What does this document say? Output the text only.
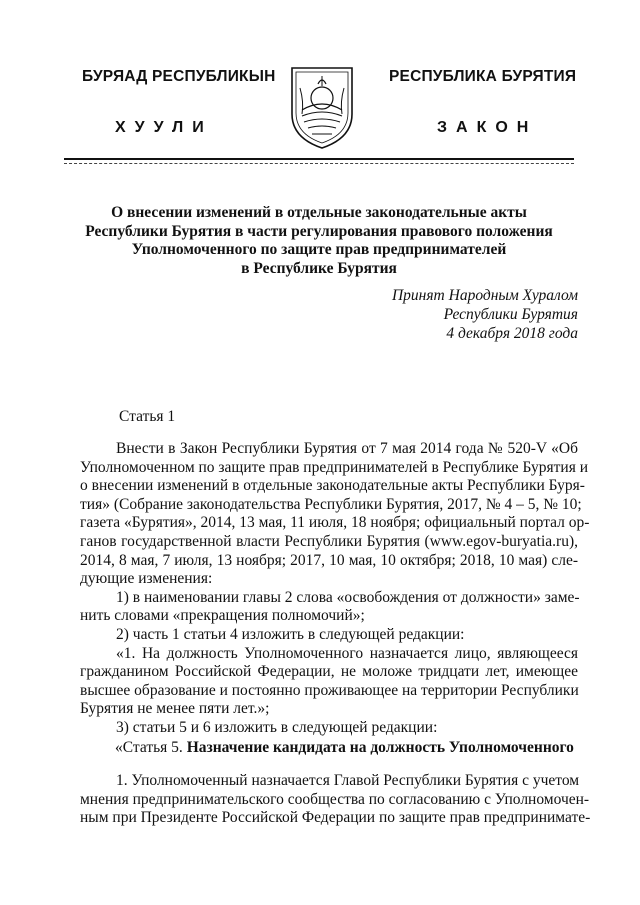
БУРЯАД РЕСПУБЛИКЫН	РЕСПУБЛИКА БУРЯТИЯ
ХУУЛИ	ЗАКОН
О внесении изменений в отдельные законодательные акты
Республики Бурятия в части регулирования правового положения
Уполномоченного по защите прав предпринимателей
в Республике Бурятия
Принят Народным Хуралом
Республики Бурятия
4 декабря 2018 года
Статья 1
Внести в Закон Республики Бурятия от 7 мая 2014 года № 520-V «Об
Уполномоченном по защите прав предпринимателей в Республике Бурятия и
о внесении изменений в отдельные законодательные акты Республики Буря-
тия» (Собрание законодательства Республики Бурятия, 2017, № 4 – 5, № 10;
газета «Бурятия», 2014, 13 мая, 11 июля, 18 ноября; официальный портал ор-
ганов государственной власти Республики Бурятия (www.egov-buryatia.ru),
2014, 8 мая, 7 июля, 13 ноября; 2017, 10 мая, 10 октября; 2018, 10 мая) сле-
дующие изменения:
1) в наименовании главы 2 слова «освобождения от должности» заме-
нить словами «прекращения полномочий»;
2) часть 1 статьи 4 изложить в следующей редакции:
«1. На должность Уполномоченного назначается лицо, являющееся
гражданином Российской Федерации, не моложе тридцати лет, имеющее
высшее образование и постоянно проживающее на территории Республики
Бурятия не менее пяти лет.»;
3) статьи 5 и 6 изложить в следующей редакции:
«Статья 5. Назначение кандидата на должность Уполномоченного
1. Уполномоченный назначается Главой Республики Бурятия с учетом
мнения предпринимательского сообщества по согласованию с Уполномочен-
ным при Президенте Российской Федерации по защите прав предпринимате-
